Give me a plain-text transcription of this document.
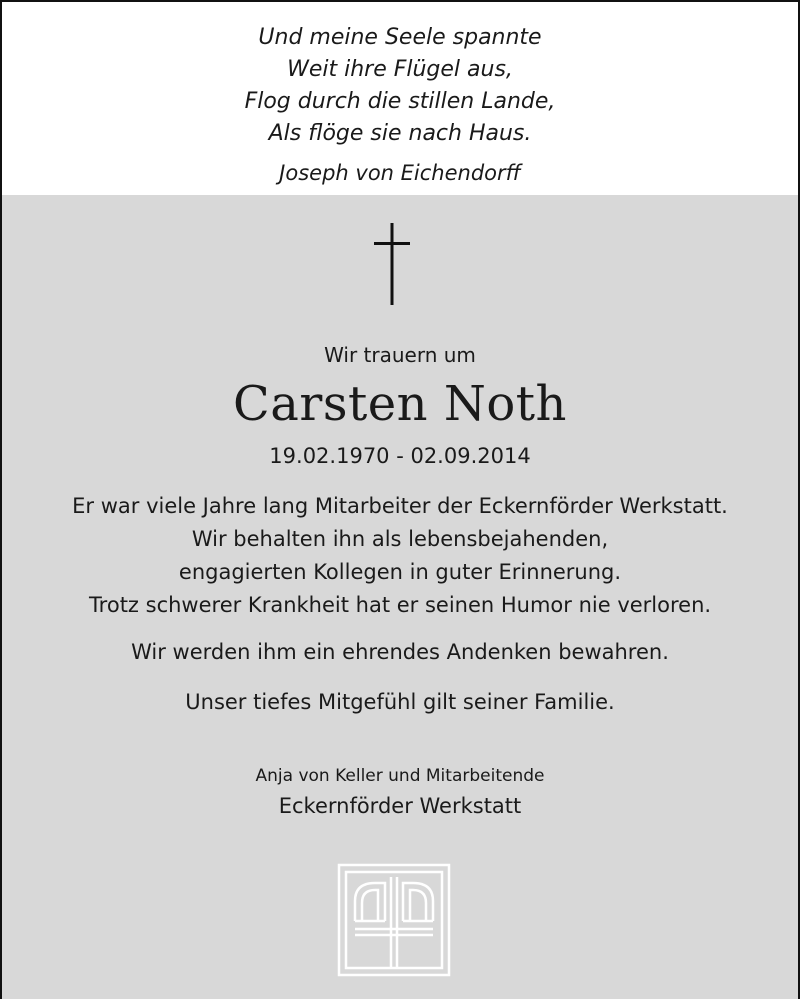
Und meine Seele spannte
Weit ihre Flügel aus,
Flog durch die stillen Lande,
Als flöge sie nach Haus.
Joseph von Eichendorff
Wir trauern um
Carsten Noth
19.02.1970 - 02.09.2014
Er war viele Jahre lang Mitarbeiter der Eckernförder Werkstatt.
Wir behalten ihn als lebensbejahenden,
engagierten Kollegen in guter Erinnerung.
Trotz schwerer Krankheit hat er seinen Humor nie verloren.
Wir werden ihm ein ehrendes Andenken bewahren.
Unser tiefes Mitgefühl gilt seiner Familie.
Anja von Keller und Mitarbeitende
Eckernförder Werkstatt
